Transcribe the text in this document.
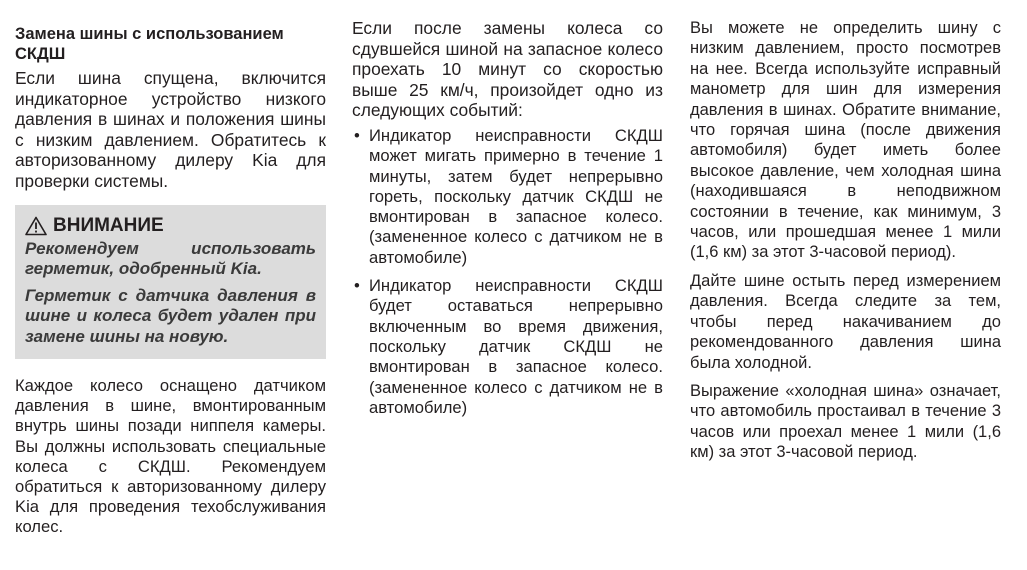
Замена шины с использованием СКДШ

Если шина спущена, включится индикаторное устройство низкого давления в шинах и положения шины с низким давлением. Обратитесь к авторизованному дилеру Kia для проверки системы.

ВНИМАНИЕ

Рекомендуем использовать герметик, одобренный Kia.

Герметик с датчика давления в шине и колеса будет удален при замене шины на новую.

Каждое колесо оснащено датчиком давления в шине, вмонтированным внутрь шины позади ниппеля камеры. Вы должны использовать специальные колеса с СКДШ. Рекомендуем обратиться к авторизованному дилеру Kia для проведения техобслуживания колес.

Если после замены колеса со сдувшейся шиной на запасное колесо проехать 10 минут со скоростью выше 25 км/ч, произойдет одно из следующих событий:

• Индикатор неисправности СКДШ может мигать примерно в течение 1 минуты, затем будет непрерывно гореть, поскольку датчик СКДШ не вмонтирован в запасное колесо. (замененное колесо с датчиком не в автомобиле)
• Индикатор неисправности СКДШ будет оставаться непрерывно включенным во время движения, поскольку датчик СКДШ не вмонтирован в запасное колесо. (замененное колесо с датчиком не в автомобиле)

Вы можете не определить шину с низким давлением, просто посмотрев на нее. Всегда используйте исправный манометр для шин для измерения давления в шинах. Обратите внимание, что горячая шина (после движения автомобиля) будет иметь более высокое давление, чем холодная шина (находившаяся в неподвижном состоянии в течение, как минимум, 3 часов, или прошедшая менее 1 мили (1,6 км) за этот 3-часовой период).

Дайте шине остыть перед измерением давления. Всегда следите за тем, чтобы перед накачиванием до рекомендованного давления шина была холодной.

Выражение «холодная шина» означает, что автомобиль простаивал в течение 3 часов или проехал менее 1 мили (1,6 км) за этот 3-часовой период.
